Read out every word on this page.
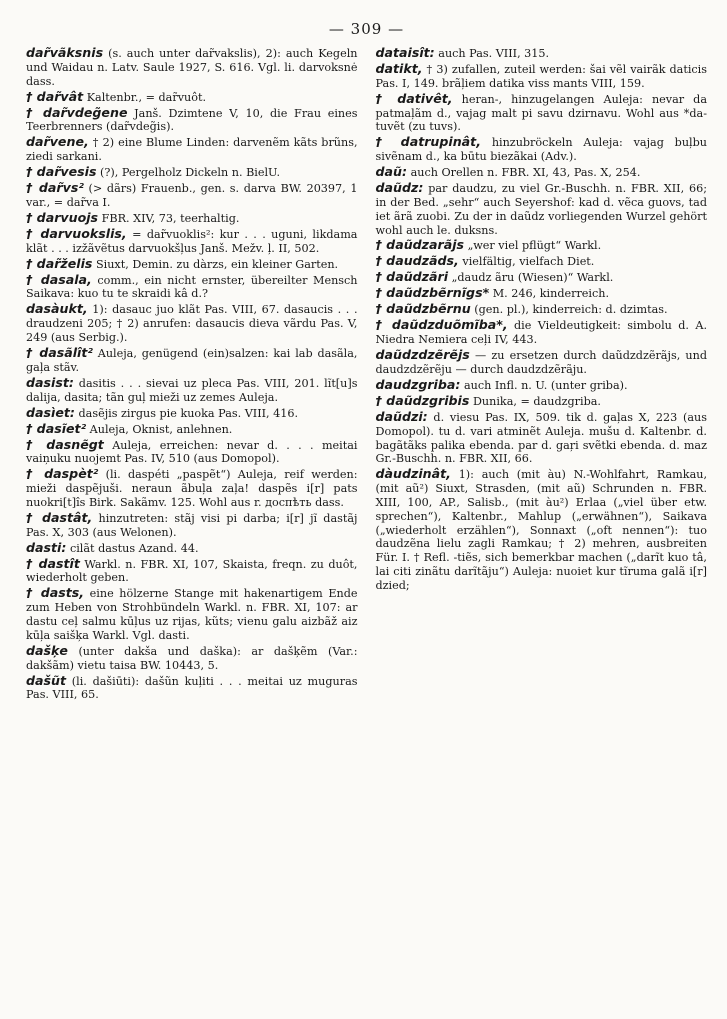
— 309 —

dar̃vãksnis (s. auch unter dar̃vakslis), 2): auch Kegeln und Waidau n. Latv. Saule 1927, S. 616. Vgl. li. darvoksnė dass.

† dar̃vât Kaltenbr., = dar̃vuôt.

† dar̃vdeg̃ene Janš. Dzimtene V, 10, die Frau eines Teerbrenners (dar̃vdeg̃is).

dar̃vene, † 2) eine Blume Linden: darvenẽm kãts brũns, ziedi sarkani.

† dar̃vesis (?), Pergelholz Dickeln n. BielU.

† dar̃vs² (> dãrs) Frauenb., gen. s. darva BW. 20397, 1 var., = dar̃va I.

† darvuojs FBR. XIV, 73, teerhaltig.

† darvuokslis, = dar̃vuoklis²: kur . . . uguni, likdama klãt . . . izžãvẽtus darvuokšļus Janš. Mežv. ļ. II, 502.

† dar̃želis Siuxt, Demin. zu dàrzs, ein kleiner Garten.

† dasala, comm., ein nicht ernster, übereilter Mensch Saikava: kuo tu te skraidi kâ d.?

dasàukt, 1): dasauc juo klãt Pas. VIII, 67. dasaucis . . . draudzeni 205; † 2) anrufen: dasaucis dieva vãrdu Pas. V, 249 (aus Serbig.).

† dasãlît² Auleja, genügend (ein)salzen: kai lab dasãla, gaļa stãv.

dasist: dasitis . . . sievai uz pleca Pas. VIII, 201. lĩt[u]s dalija, dasita; tãn guļ mieži uz zemes Auleja.

dasìet: dasẽjis zirgus pie kuoka Pas. VIII, 416.

† dasĩet² Auleja, Oknist, anlehnen.

† dasnẽgt Auleja, erreichen: nevar d. . . . meitai vaiņuku nuojemt Pas. IV, 510 (aus Domopol).

† daspèt² (li. daspéti „paspẽt“) Auleja, reif werden: mieži daspẽjuši. neraun ãbuļa zaļa! daspẽs i[r] pats nuokri[t]îs Birk. Sakãmv. 125. Wohl aus r. доспѣть dass.

† dastât, hinzutreten: stãj visi pi darba; i[r] jĩ dastãj Pas. X, 303 (aus Welonen).

dasti: cilãt dastus Azand. 44.

† dastît Warkl. n. FBR. XI, 107, Skaista, freqn. zu duôt, wiederholt geben.

† dasts, eine hölzerne Stange mit hakenartigem Ende zum Heben von Strohbündeln Warkl. n. FBR. XI, 107: ar dastu ceļ salmu kūļus uz rijas, kũts; vienu galu aizbãž aiz kūļa saišķa Warkl. Vgl. dasti.

dašķe (unter dakša und daška): ar dašķẽm (Var.: dakšãm) vietu taisa BW. 10443, 5.

dašũt (li. dašiūti): dašũn kuļiti . . . meitai uz muguras Pas. VIII, 65.

dataisît: auch Pas. VIII, 315.

datikt, † 3) zufallen, zuteil werden: šai vẽl vairãk daticis Pas. I, 149. brãļiem datika viss mants VIII, 159.

† dativêt, heran-, hinzugelangen Auleja: nevar da patmaļãm d., vajag malt pi savu dzirnavu. Wohl aus *da-tuvẽt (zu tuvs).

† datrupinât, hinzubröckeln Auleja: vajag buļbu sivẽnam d., ka būtu biezãkai (Adv.).

daũ: auch Orellen n. FBR. XI, 43, Pas. X, 254.

daũdz: par daudzu, zu viel Gr.-Buschh. n. FBR. XII, 66; in der Bed. „sehr“ auch Seyershof: kad d. vẽca guovs, tad iet ãrã zuobi. Zu der in daũdz vorliegenden Wurzel gehört wohl auch le. duksns.

† daũdzarãjs „wer viel pflügt“ Warkl.

† daudzãds, vielfältig, vielfach Diet.

† daũdzãri „daudz ãru (Wiesen)“ Warkl.

† daũdzbẽrnĩgs* M. 246, kinderreich.

† daũdzbẽrnu (gen. pl.), kinderreich: d. dzimtas.

† daũdzduõmĩba*, die Vieldeutigkeit: simbolu d. A. Niedra Nemiera ceļi IV, 443.

daũdzdzẽrẽjs — zu ersetzen durch daũdzdzẽrãjs, und daudzdzẽrẽju — durch daudzdzẽrãju.

daudzgriba: auch Infl. n. U. (unter griba).

† daũdzgribis Dunika, = daudzgriba.

daũdzi: d. viesu Pas. IX, 509. tik d. gaļas X, 223 (aus Domopol). tu d. vari atminẽt Auleja. mušu d. Kaltenbr. d. bagãtãks palika ebenda. par d. gaŗi svẽtki ebenda. d. maz Gr.-Buschh. n. FBR. XII, 66.

dàudzinât, 1): auch (mit àu) N.-Wohlfahrt, Ramkau, (mit aũ²) Siuxt, Strasden, (mit aũ) Schrunden n. FBR. XIII, 100, AP., Salisb., (mit àu²) Erlaa („viel über etw. sprechen“), Kaltenbr., Mahlup („erwähnen“), Saikava („wiederholt erzählen“), Sonnaxt („oft nennen“): tuo daudzẽna lielu zagli Ramkau; † 2) mehren, ausbreiten Für. I. † Refl. -tiẽs, sich bemerkbar machen („darĩt kuo tâ, lai citi zinãtu darĩtãju“) Auleja: nuoiet kur tĩruma galã i[r] dzied;
